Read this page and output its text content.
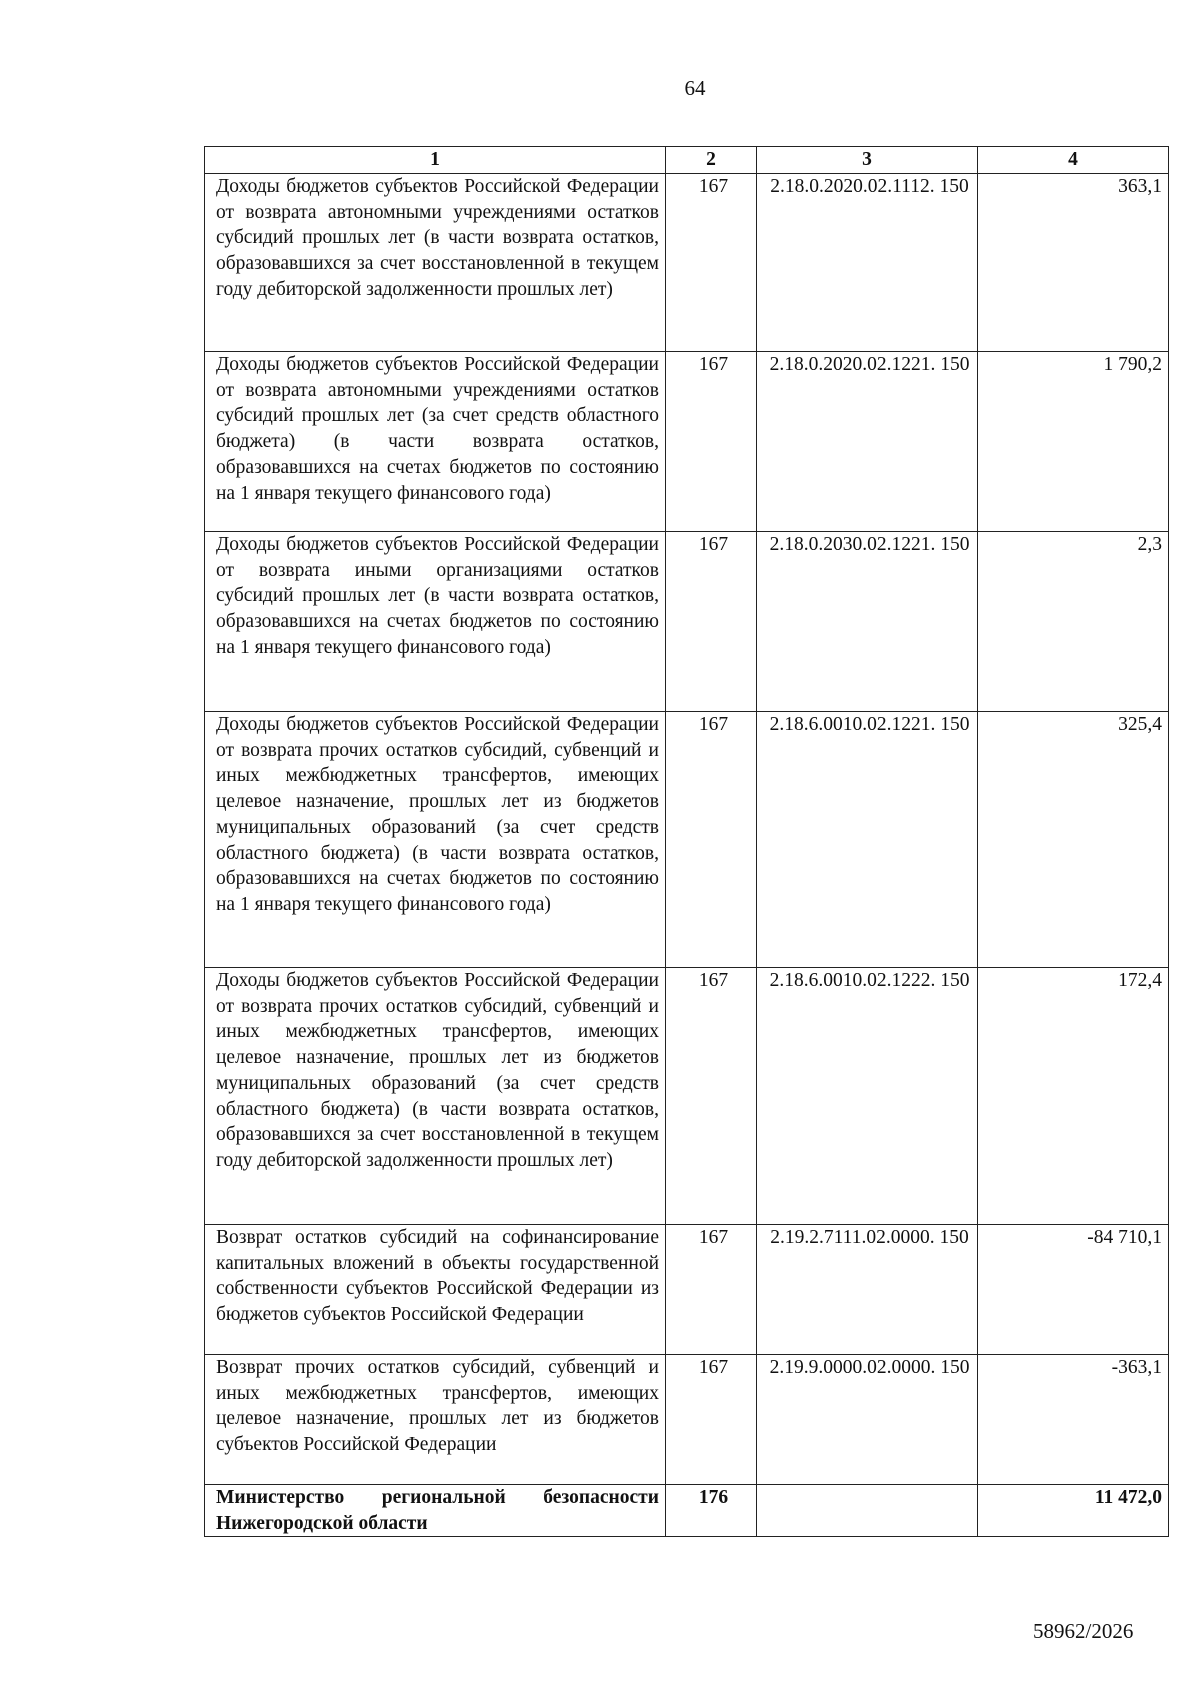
64
1	2	3	4
Доходы бюджетов субъектов Российской Федерации от возврата автономными учреждениями остатков субсидий прошлых лет (в части возврата остатков, образовавшихся за счет восстановленной в текущем году дебиторской задолженности прошлых лет)	167	2.18.0.2020.02.1112. 150	363,1
Доходы бюджетов субъектов Российской Федерации от возврата автономными учреждениями остатков субсидий прошлых лет (за счет средств областного бюджета) (в части возврата остатков, образовавшихся на счетах бюджетов по состоянию на 1 января текущего финансового года)	167	2.18.0.2020.02.1221. 150	1 790,2
Доходы бюджетов субъектов Российской Федерации от возврата иными организациями остатков субсидий прошлых лет (в части возврата остатков, образовавшихся на счетах бюджетов по состоянию на 1 января текущего финансового года)	167	2.18.0.2030.02.1221. 150	2,3
Доходы бюджетов субъектов Российской Федерации от возврата прочих остатков субсидий, субвенций и иных межбюджетных трансфертов, имеющих целевое назначение, прошлых лет из бюджетов муниципальных образований (за счет средств областного бюджета) (в части возврата остатков, образовавшихся на счетах бюджетов по состоянию на 1 января текущего финансового года)	167	2.18.6.0010.02.1221. 150	325,4
Доходы бюджетов субъектов Российской Федерации от возврата прочих остатков субсидий, субвенций и иных межбюджетных трансфертов, имеющих целевое назначение, прошлых лет из бюджетов муниципальных образований (за счет средств областного бюджета) (в части возврата остатков, образовавшихся за счет восстановленной в текущем году дебиторской задолженности прошлых лет)	167	2.18.6.0010.02.1222. 150	172,4
Возврат остатков субсидий на софинансирование капитальных вложений в объекты государственной собственности субъектов Российской Федерации из бюджетов субъектов Российской Федерации	167	2.19.2.7111.02.0000. 150	-84 710,1
Возврат прочих остатков субсидий, субвенций и иных межбюджетных трансфертов, имеющих целевое назначение, прошлых лет из бюджетов субъектов Российской Федерации	167	2.19.9.0000.02.0000. 150	-363,1
Министерство региональной безопасности Нижегородской области	176		11 472,0
58962/2026
